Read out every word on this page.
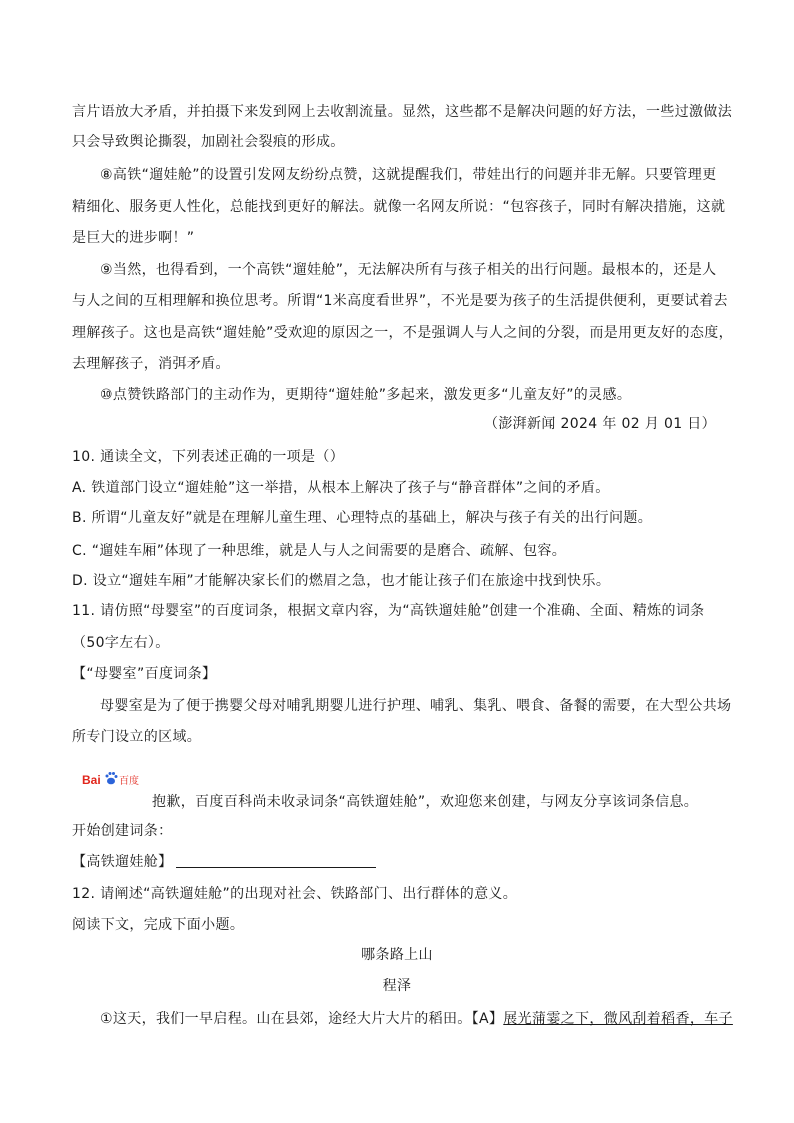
言片语放大矛盾，并拍摄下来发到网上去收割流量。显然，这些都不是解决问题的好方法，一些过激做法
只会导致舆论撕裂，加剧社会裂痕的形成。
⑧高铁“遛娃舱”的设置引发网友纷纷点赞，这就提醒我们，带娃出行的问题并非无解。只要管理更
精细化、服务更人性化，总能找到更好的解法。就像一名网友所说：“包容孩子，同时有解决措施，这就
是巨大的进步啊！”
⑨当然，也得看到，一个高铁“遛娃舱”，无法解决所有与孩子相关的出行问题。最根本的，还是人
与人之间的互相理解和换位思考。所谓“1米高度看世界”，不光是要为孩子的生活提供便利，更要试着去
理解孩子。这也是高铁“遛娃舱”受欢迎的原因之一，不是强调人与人之间的分裂，而是用更友好的态度，
去理解孩子，消弭矛盾。
⑩点赞铁路部门的主动作为，更期待“遛娃舱”多起来，激发更多“儿童友好”的灵感。
（澎湃新闻 2024 年 02 月 01 日）
10. 通读全文，下列表述正确的一项是（）
A. 铁道部门设立“遛娃舱”这一举措，从根本上解决了孩子与“静音群体”之间的矛盾。
B. 所谓“儿童友好”就是在理解儿童生理、心理特点的基础上，解决与孩子有关的出行问题。
C. “遛娃车厢”体现了一种思维，就是人与人之间需要的是磨合、疏解、包容。
D. 设立“遛娃车厢”才能解决家长们的燃眉之急，也才能让孩子们在旅途中找到快乐。
11. 请仿照“母婴室”的百度词条，根据文章内容，为“高铁遛娃舱”创建一个准确、全面、精炼的词条
（50字左右）。
【“母婴室”百度词条】
母婴室是为了便于携婴父母对哺乳期婴儿进行护理、哺乳、集乳、喂食、备餐的需要，在大型公共场
所专门设立的区域。
Bai 百度
抱歉，百度百科尚未收录词条“高铁遛娃舱”，欢迎您来创建，与网友分享该词条信息。
开始创建词条：
【高铁遛娃舱】
12. 请阐述“高铁遛娃舱”的出现对社会、铁路部门、出行群体的意义。
阅读下文，完成下面小题。
哪条路上山
程泽
①这天，我们一早启程。山在县郊，途经大片大片的稻田。【A】展光蒲霎之下，微风刮着稻香，车子
